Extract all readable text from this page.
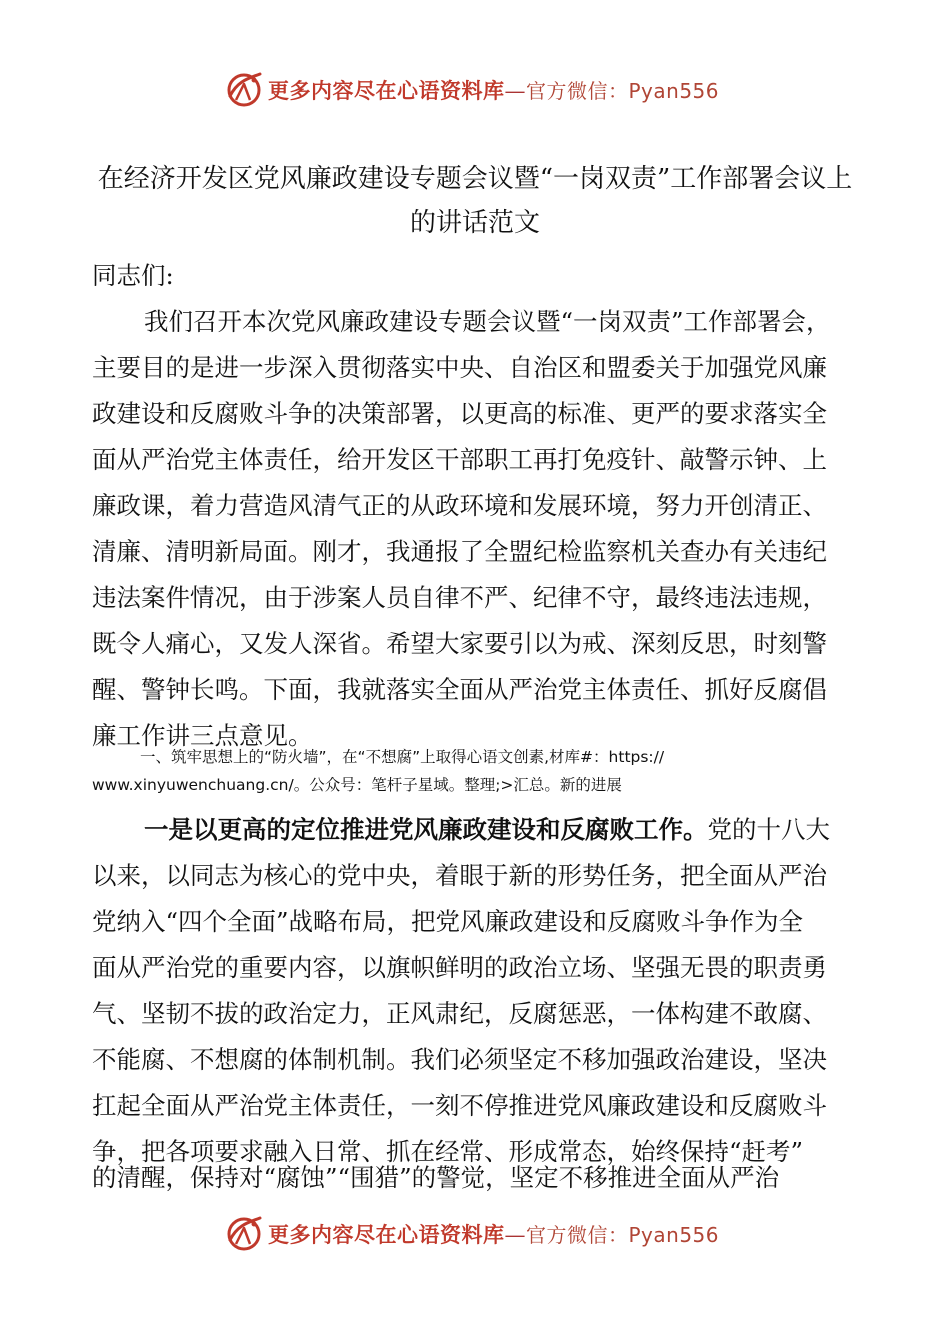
更多内容尽在心语资料库—官方微信：Pyan556
在经济开发区党风廉政建设专题会议暨“一岗双责”工作部署会议上
的讲话范文
同志们:
我们召开本次党风廉政建设专题会议暨“一岗双责”工作部署会，
主要目的是进一步深入贯彻落实中央、自治区和盟委关于加强党风廉
政建设和反腐败斗争的决策部署，以更高的标准、更严的要求落实全
面从严治党主体责任，给开发区干部职工再打免疫针、敲警示钟、上
廉政课，着力营造风清气正的从政环境和发展环境，努力开创清正、
清廉、清明新局面。刚才，我通报了全盟纪检监察机关查办有关违纪
违法案件情况，由于涉案人员自律不严、纪律不守，最终违法违规，
既令人痛心，又发人深省。希望大家要引以为戒、深刻反思，时刻警
醒、警钟长鸣。下面，我就落实全面从严治党主体责任、抓好反腐倡
廉工作讲三点意见。
一、筑牢思想上的“防火墙”，在“不想腐”上取得心语文创素,材库#：https://
www.xinyuwenchuang.cn/。公众号：笔杆子星域。整理;>汇总。新的进展
一是以更高的定位推进党风廉政建设和反腐败工作。党的十八大
以来，以同志为核心的党中央，着眼于新的形势任务，把全面从严治
党纳入“四个全面”战略布局，把党风廉政建设和反腐败斗争作为全
面从严治党的重要内容，以旗帜鲜明的政治立场、坚强无畏的职责勇
气、坚韧不拔的政治定力，正风肃纪，反腐惩恶，一体构建不敢腐、
不能腐、不想腐的体制机制。我们必须坚定不移加强政治建设，坚决
扛起全面从严治党主体责任，一刻不停推进党风廉政建设和反腐败斗
争，把各项要求融入日常、抓在经常、形成常态，始终保持“赶考”
的清醒，保持对“腐蚀”“围猎”的警觉，坚定不移推进全面从严治
更多内容尽在心语资料库—官方微信：Pyan556
